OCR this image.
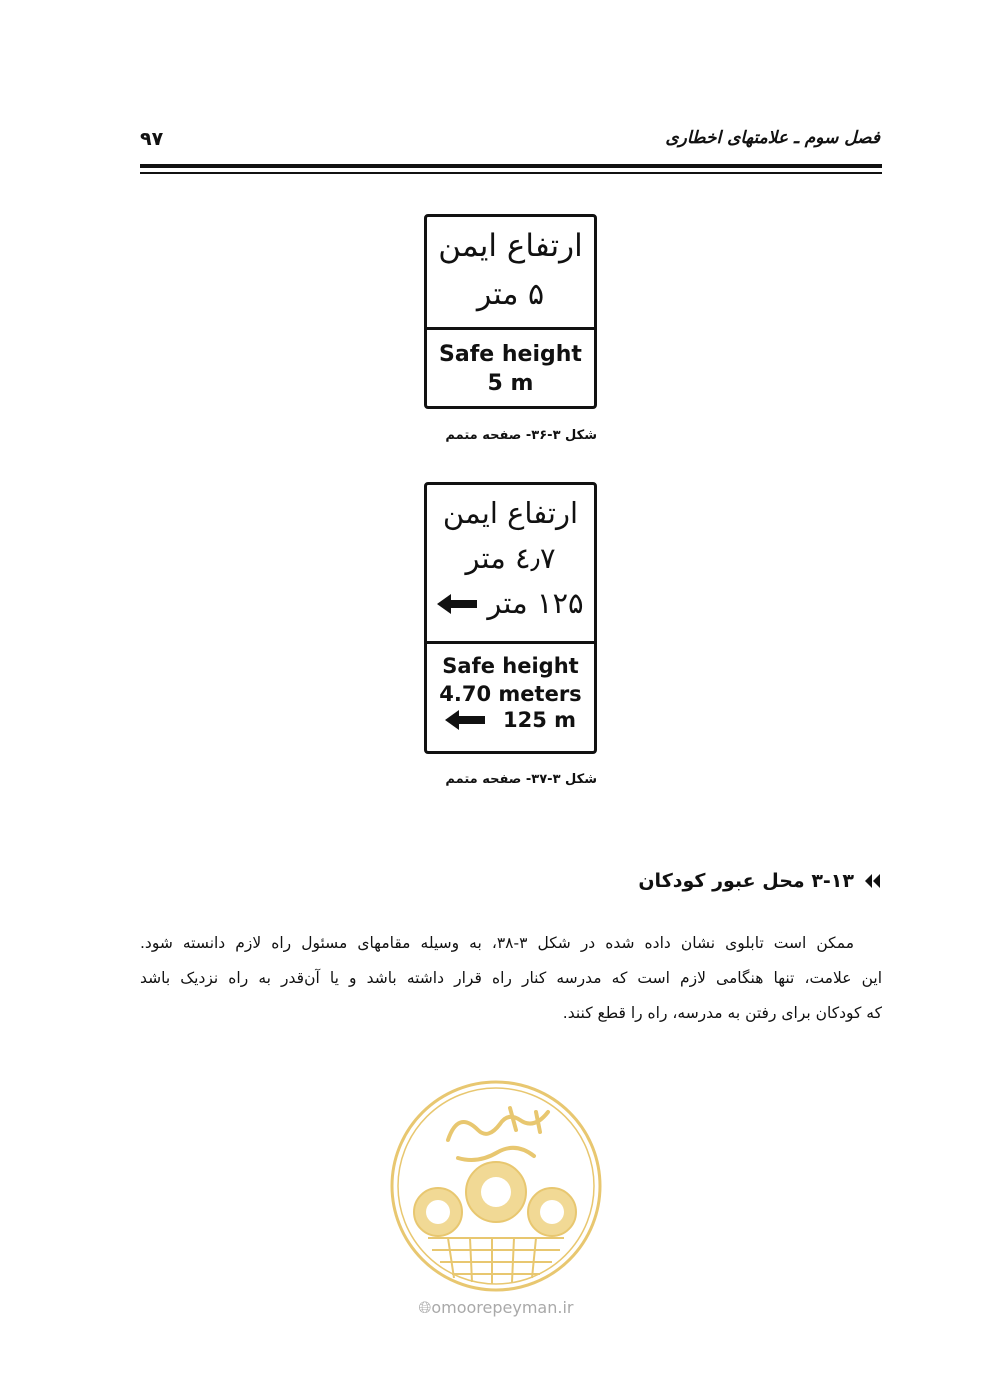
۹۷	فصل سوم ـ علامتهای اخطاری
ارتفاع ایمن
۵ متر
Safe height
5 m
شکل ۳-۳۶- صفحه متمم
ارتفاع ایمن
٤٫٧ متر
۱۲۵ متر
Safe height
4.70 meters
125 m
شکل ۳-۳۷- صفحه متمم
۳-۱۳ محل عبور کودکان
ممکن است تابلوی نشان داده شده در شکل ۳-۳۸، به وسیله مقامهای مسئول راه لازم دانسته شود.
این علامت، تنها هنگامی لازم است که مدرسه کنار راه قرار داشته باشد و یا آن‌قدر به راه نزدیک باشد
که کودکان برای رفتن به مدرسه، راه را قطع کنند.
🌐︎omoorepeyman.ir
